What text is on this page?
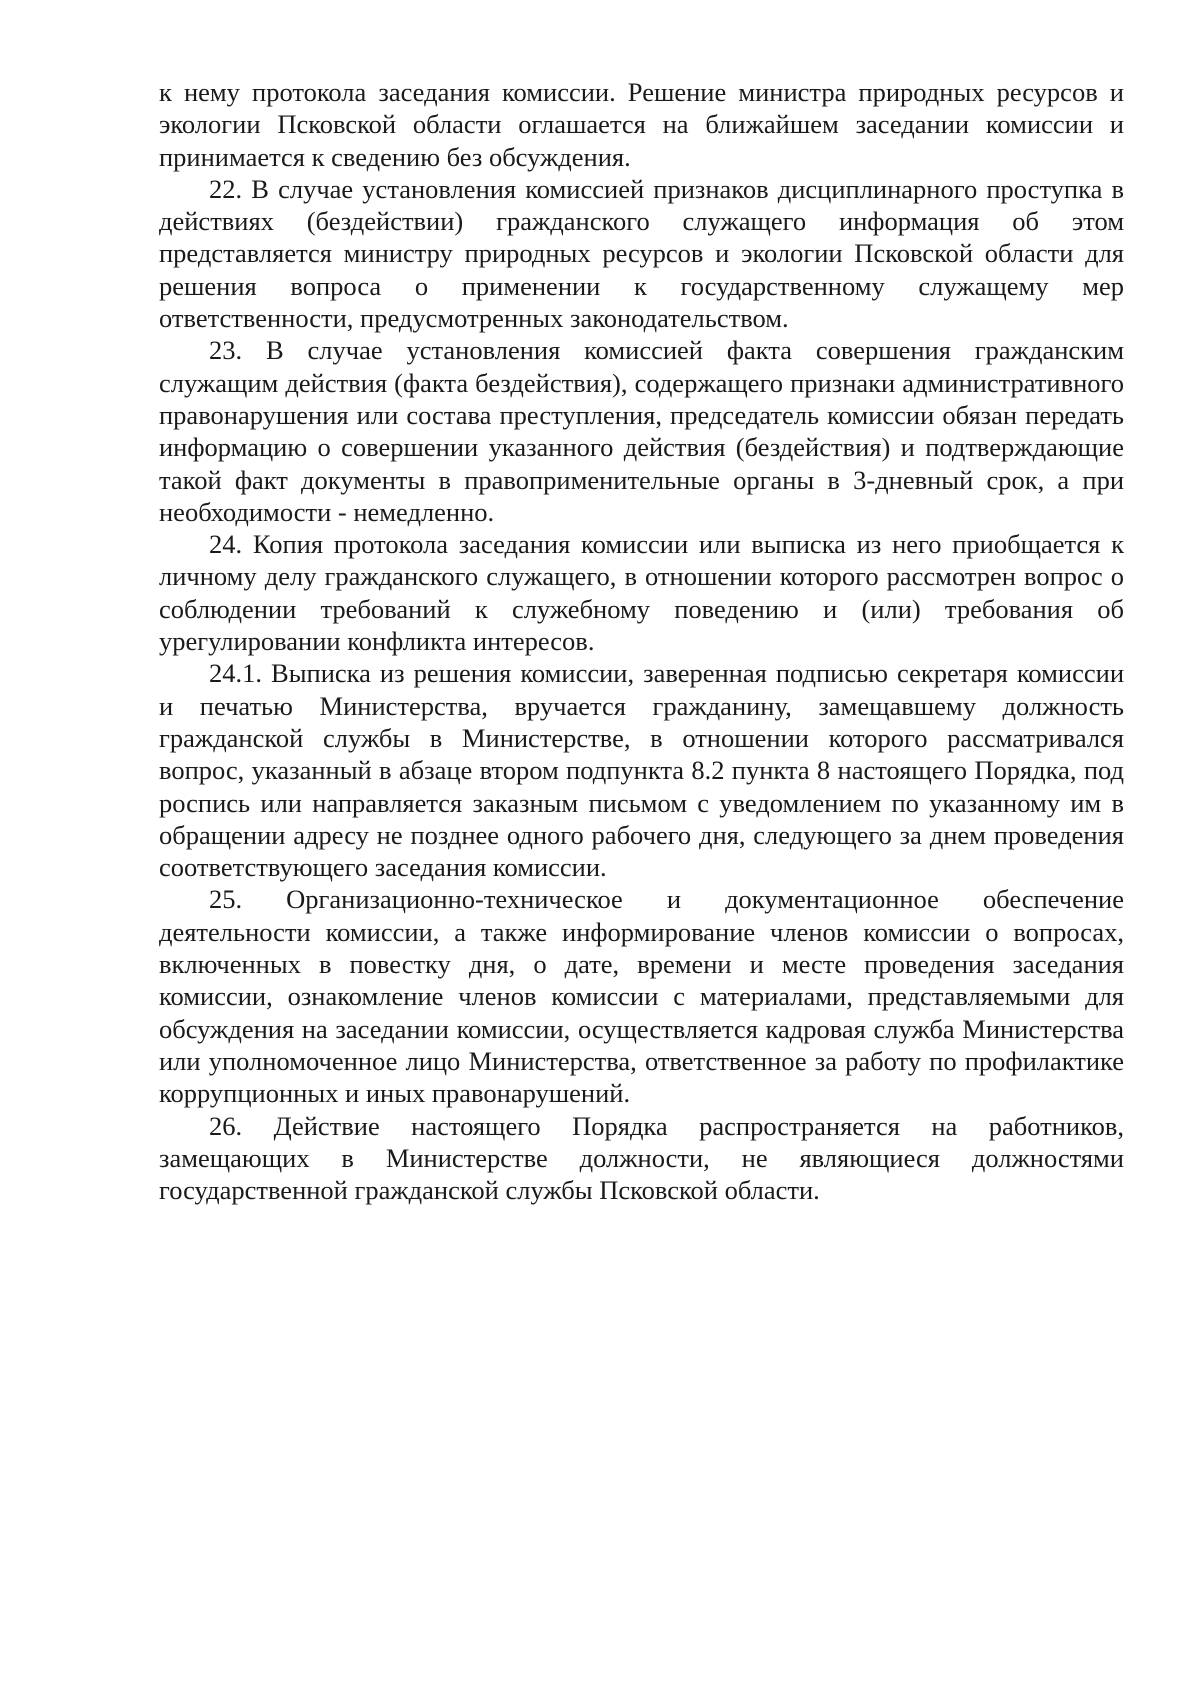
к нему протокола заседания комиссии. Решение министра природных ресурсов и экологии Псковской области оглашается на ближайшем заседании комиссии и принимается к сведению без обсуждения.

22. В случае установления комиссией признаков дисциплинарного проступка в действиях (бездействии) гражданского служащего информация об этом представляется министру природных ресурсов и экологии Псковской области для решения вопроса о применении к государственному служащему мер ответственности, предусмотренных законодательством.

23. В случае установления комиссией факта совершения гражданским служащим действия (факта бездействия), содержащего признаки административного правонарушения или состава преступления, председатель комиссии обязан передать информацию о совершении указанного действия (бездействия) и подтверждающие такой факт документы в правоприменительные органы в 3-дневный срок, а при необходимости - немедленно.

24. Копия протокола заседания комиссии или выписка из него приобщается к личному делу гражданского служащего, в отношении которого рассмотрен вопрос о соблюдении требований к служебному поведению и (или) требования об урегулировании конфликта интересов.

24.1. Выписка из решения комиссии, заверенная подписью секретаря комиссии и печатью Министерства, вручается гражданину, замещавшему должность гражданской службы в Министерстве, в отношении которого рассматривался вопрос, указанный в абзаце втором подпункта 8.2 пункта 8 настоящего Порядка, под роспись или направляется заказным письмом с уведомлением по указанному им в обращении адресу не позднее одного рабочего дня, следующего за днем проведения соответствующего заседания комиссии.

25. Организационно-техническое и документационное обеспечение деятельности комиссии, а также информирование членов комиссии о вопросах, включенных в повестку дня, о дате, времени и месте проведения заседания комиссии, ознакомление членов комиссии с материалами, представляемыми для обсуждения на заседании комиссии, осуществляется кадровая служба Министерства или уполномоченное лицо Министерства, ответственное за работу по профилактике коррупционных и иных правонарушений.

26. Действие настоящего Порядка распространяется на работников, замещающих в Министерстве должности, не являющиеся должностями государственной гражданской службы Псковской области.
